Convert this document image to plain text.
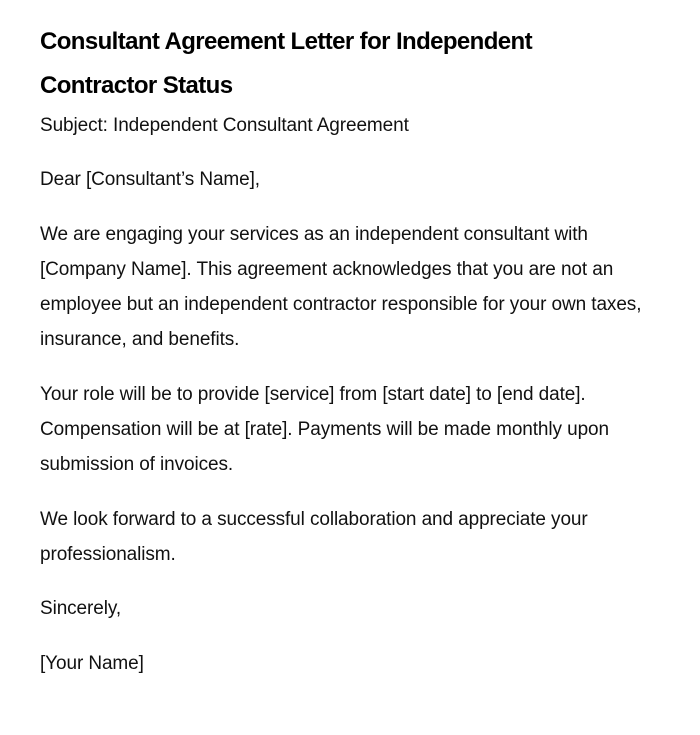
Consultant Agreement Letter for Independent Contractor Status

Subject: Independent Consultant Agreement

Dear [Consultant’s Name],

We are engaging your services as an independent consultant with [Company Name]. This agreement acknowledges that you are not an employee but an independent contractor responsible for your own taxes, insurance, and benefits.

Your role will be to provide [service] from [start date] to [end date]. Compensation will be at [rate]. Payments will be made monthly upon submission of invoices.

We look forward to a successful collaboration and appreciate your professionalism.

Sincerely,

[Your Name]
